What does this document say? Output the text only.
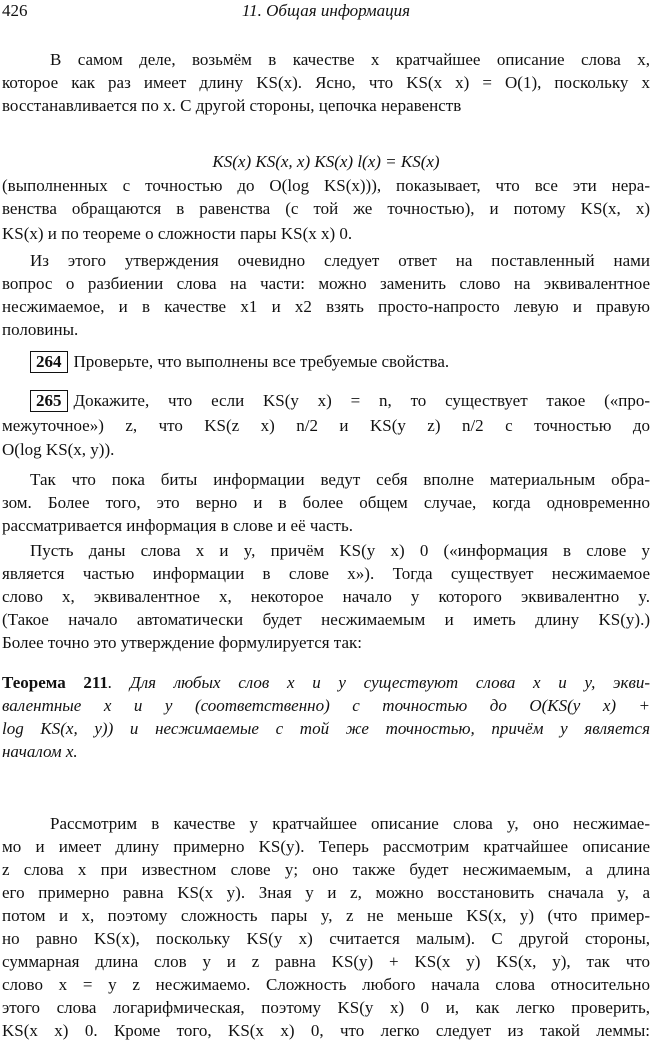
426	11. Общая информация
KS(x) KS(x, x) KS(x) l(x) = KS(x)
В самом деле, возьмём в качестве x кратчайшее описание слова x,
которое как раз имеет длину KS(x). Ясно, что KS(x x) = O(1), поскольку x
восстанавливается по x. С другой стороны, цепочка неравенств
(выполненных с точностью до O(log KS(x))), показывает, что все эти нера-
венства обращаются в равенства (с той же точностью), и потому KS(x, x)
KS(x) и по теореме о сложности пары KS(x x) 0.
Из этого утверждения очевидно следует ответ на поставленный нами
вопрос о разбиении слова на части: можно заменить слово на эквивалентное
несжимаемое, и в качестве x1 и x2 взять просто-напросто левую и правую
половины.
264 Проверьте, что выполнены все требуемые свойства.
265 Докажите, что если KS(y x) = n, то существует такое («про-
межуточное») z, что KS(z x) n/2 и KS(y z) n/2 с точностью до
O(log KS(x, y)).
Так что пока биты информации ведут себя вполне материальным обра-
зом. Более того, это верно и в более общем случае, когда одновременно
рассматривается информация в слове и её часть.
Пусть даны слова x и y, причём KS(y x) 0 («информация в слове y
является частью информации в слове x»). Тогда существует несжимаемое
слово x, эквивалентное x, некоторое начало y которого эквивалентно y.
(Такое начало автоматически будет несжимаемым и иметь длину KS(y).)
Более точно это утверждение формулируется так:
Теорема 211. Для любых слов x и y существуют слова x и y, экви-
валентные x и y (соответственно) с точностью до O(KS(y x) +
log KS(x, y)) и несжимаемые с той же точностью, причём y является
началом x.
Рассмотрим в качестве y кратчайшее описание слова y, оно несжимае-
мо и имеет длину примерно KS(y). Теперь рассмотрим кратчайшее описание
z слова x при известном слове y; оно также будет несжимаемым, а длина
его примерно равна KS(x y). Зная y и z, можно восстановить сначала y, а
потом и x, поэтому сложность пары y, z не меньше KS(x, y) (что пример-
но равно KS(x), поскольку KS(y x) считается малым). С другой стороны,
суммарная длина слов y и z равна KS(y) + KS(x y) KS(x, y), так что
слово x = y z несжимаемо. Сложность любого начала слова относительно
этого слова логарифмическая, поэтому KS(y x) 0 и, как легко проверить,
KS(x x) 0. Кроме того, KS(x x) 0, что легко следует из такой леммы:
